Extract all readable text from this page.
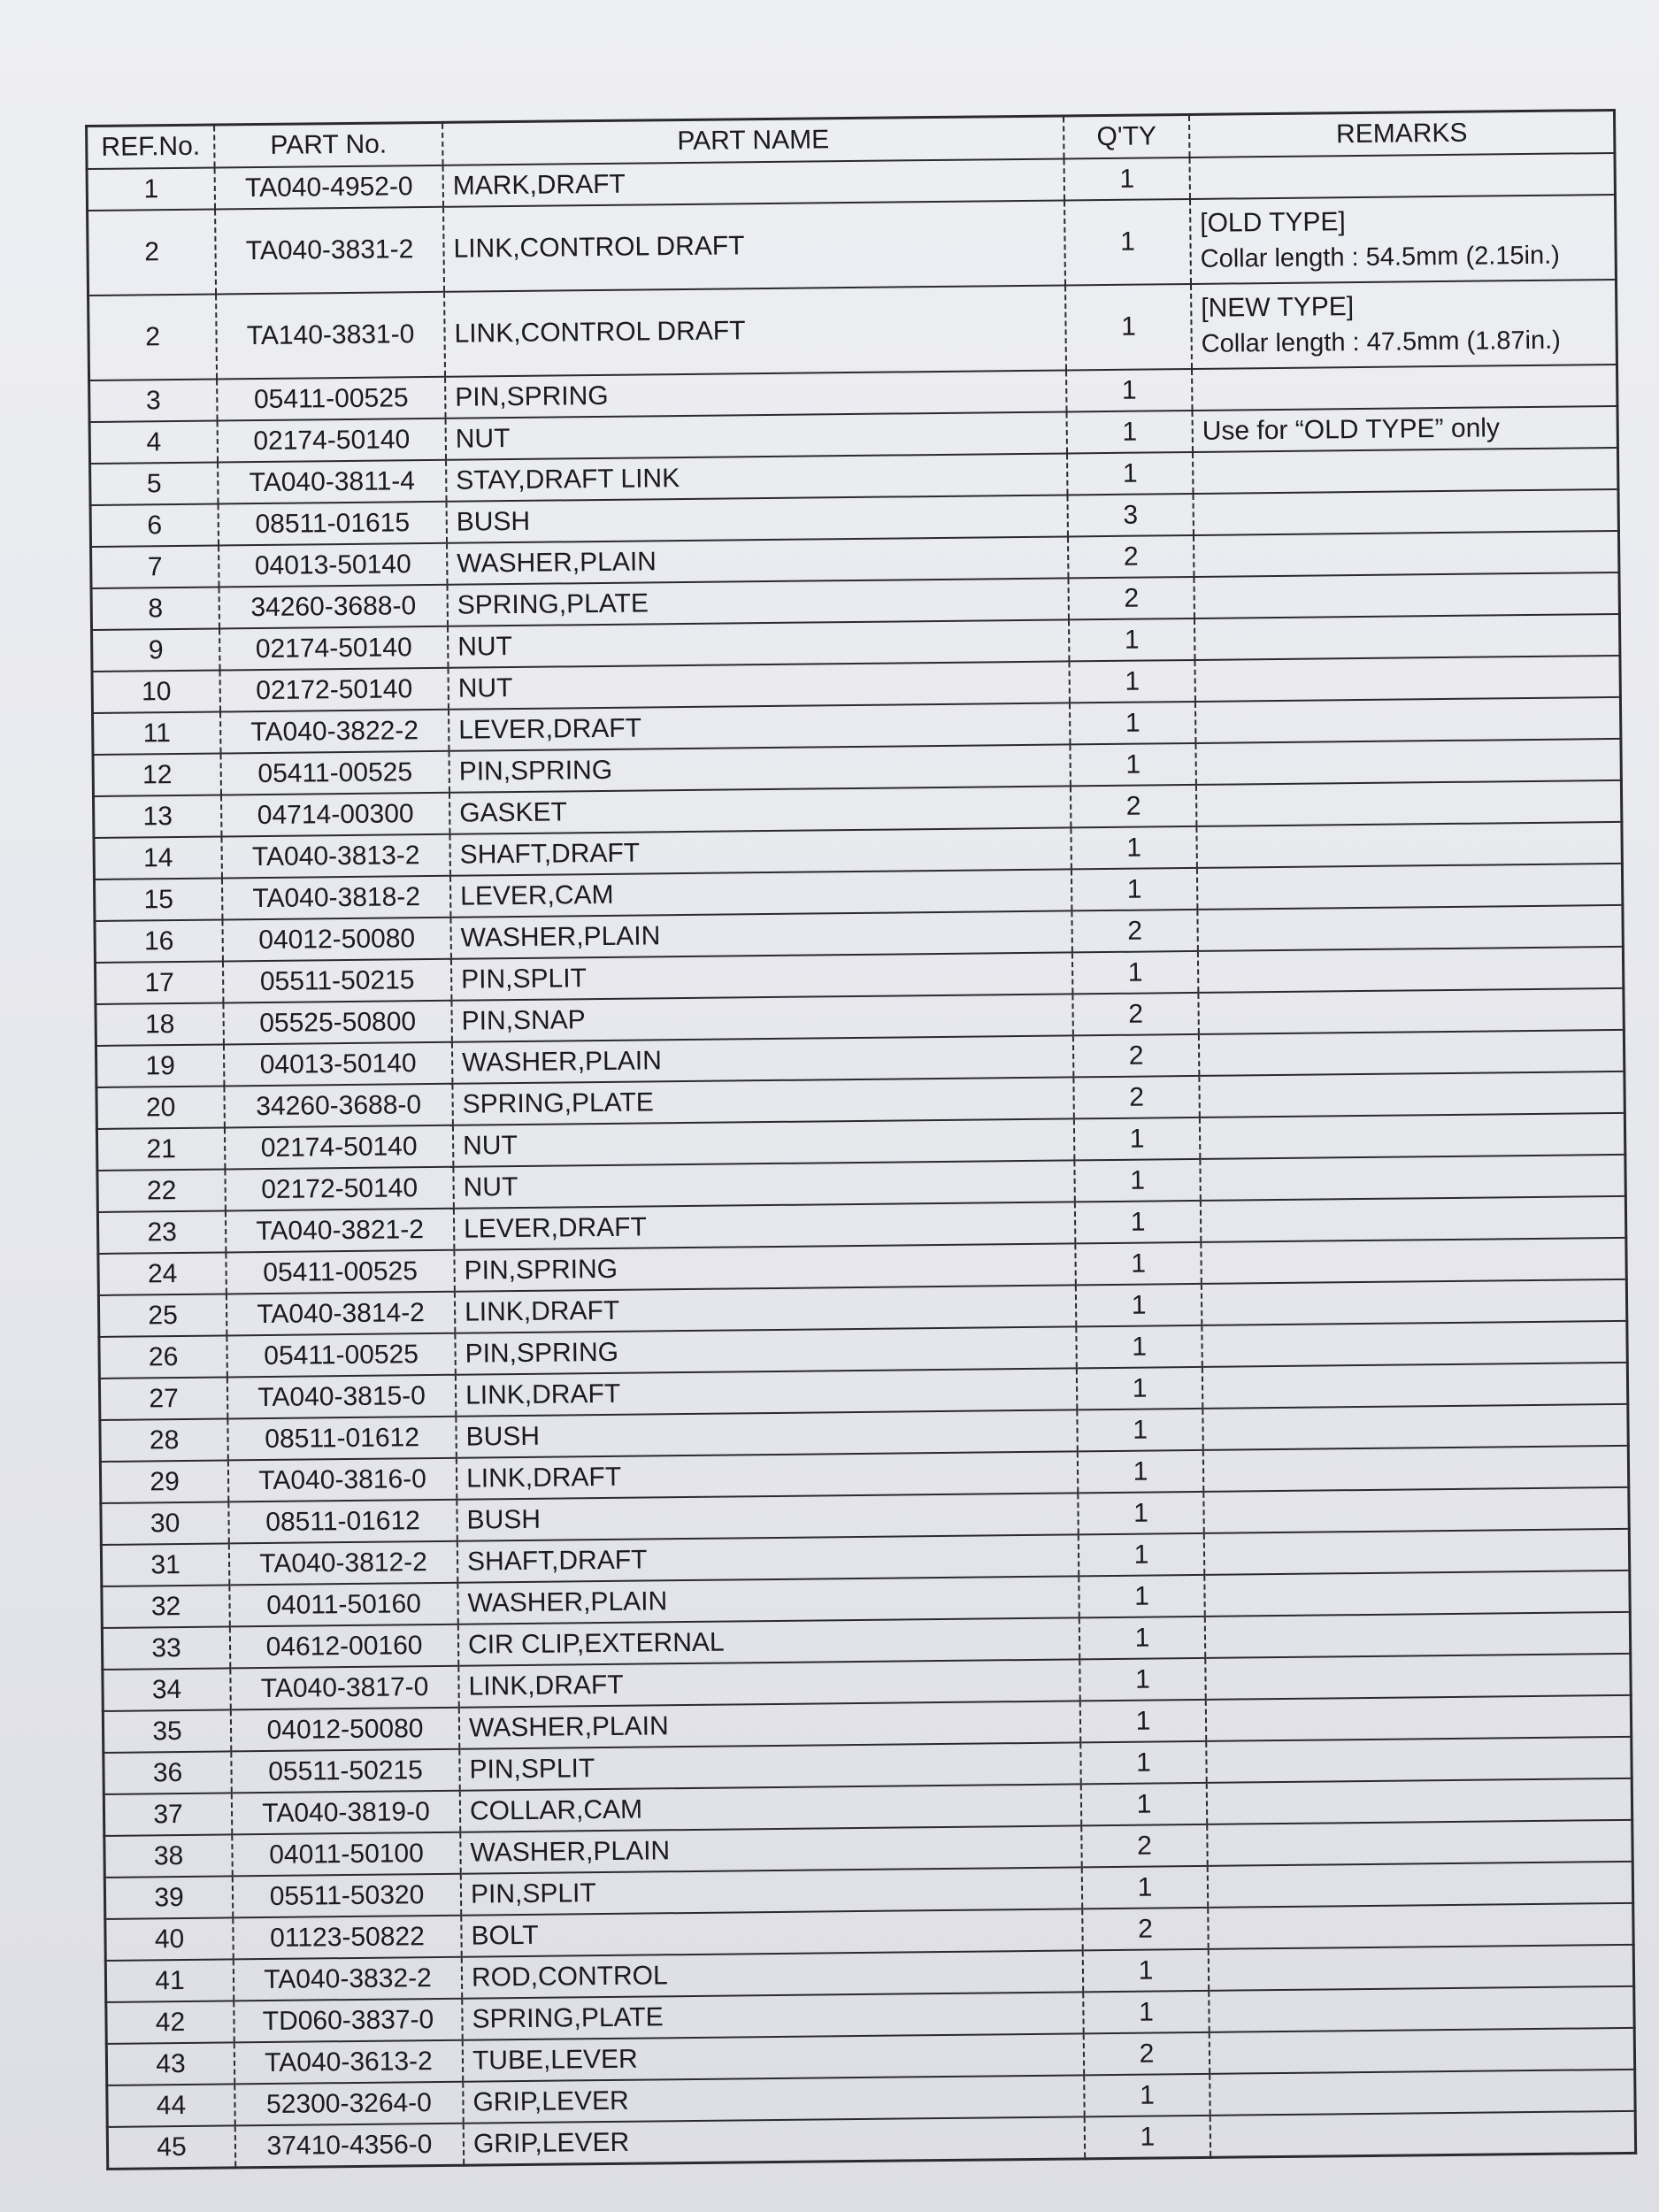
REF.No.	PART No.	PART NAME	Q'TY	REMARKS
1	TA040-4952-0	MARK,DRAFT	1	
2	TA040-3831-2	LINK,CONTROL DRAFT	1	[OLD TYPE]
Collar length : 54.5mm (2.15in.)

2	TA140-3831-0	LINK,CONTROL DRAFT	1	[NEW TYPE]
Collar length : 47.5mm (1.87in.)

3	05411-00525	PIN,SPRING	1	
4	02174-50140	NUT	1	Use for “OLD TYPE” only

5	TA040-3811-4	STAY,DRAFT LINK	1	
6	08511-01615	BUSH	3	
7	04013-50140	WASHER,PLAIN	2	
8	34260-3688-0	SPRING,PLATE	2	
9	02174-50140	NUT	1	
10	02172-50140	NUT	1	
11	TA040-3822-2	LEVER,DRAFT	1	
12	05411-00525	PIN,SPRING	1	
13	04714-00300	GASKET	2	
14	TA040-3813-2	SHAFT,DRAFT	1	
15	TA040-3818-2	LEVER,CAM	1	
16	04012-50080	WASHER,PLAIN	2	
17	05511-50215	PIN,SPLIT	1	
18	05525-50800	PIN,SNAP	2	
19	04013-50140	WASHER,PLAIN	2	
20	34260-3688-0	SPRING,PLATE	2	
21	02174-50140	NUT	1	
22	02172-50140	NUT	1	
23	TA040-3821-2	LEVER,DRAFT	1	
24	05411-00525	PIN,SPRING	1	
25	TA040-3814-2	LINK,DRAFT	1	
26	05411-00525	PIN,SPRING	1	
27	TA040-3815-0	LINK,DRAFT	1	
28	08511-01612	BUSH	1	
29	TA040-3816-0	LINK,DRAFT	1	
30	08511-01612	BUSH	1	
31	TA040-3812-2	SHAFT,DRAFT	1	
32	04011-50160	WASHER,PLAIN	1	
33	04612-00160	CIR CLIP,EXTERNAL	1	
34	TA040-3817-0	LINK,DRAFT	1	
35	04012-50080	WASHER,PLAIN	1	
36	05511-50215	PIN,SPLIT	1	
37	TA040-3819-0	COLLAR,CAM	1	
38	04011-50100	WASHER,PLAIN	2	
39	05511-50320	PIN,SPLIT	1	
40	01123-50822	BOLT	2	
41	TA040-3832-2	ROD,CONTROL	1	
42	TD060-3837-0	SPRING,PLATE	1	
43	TA040-3613-2	TUBE,LEVER	2	
44	52300-3264-0	GRIP,LEVER	1	
45	37410-4356-0	GRIP,LEVER	1	
